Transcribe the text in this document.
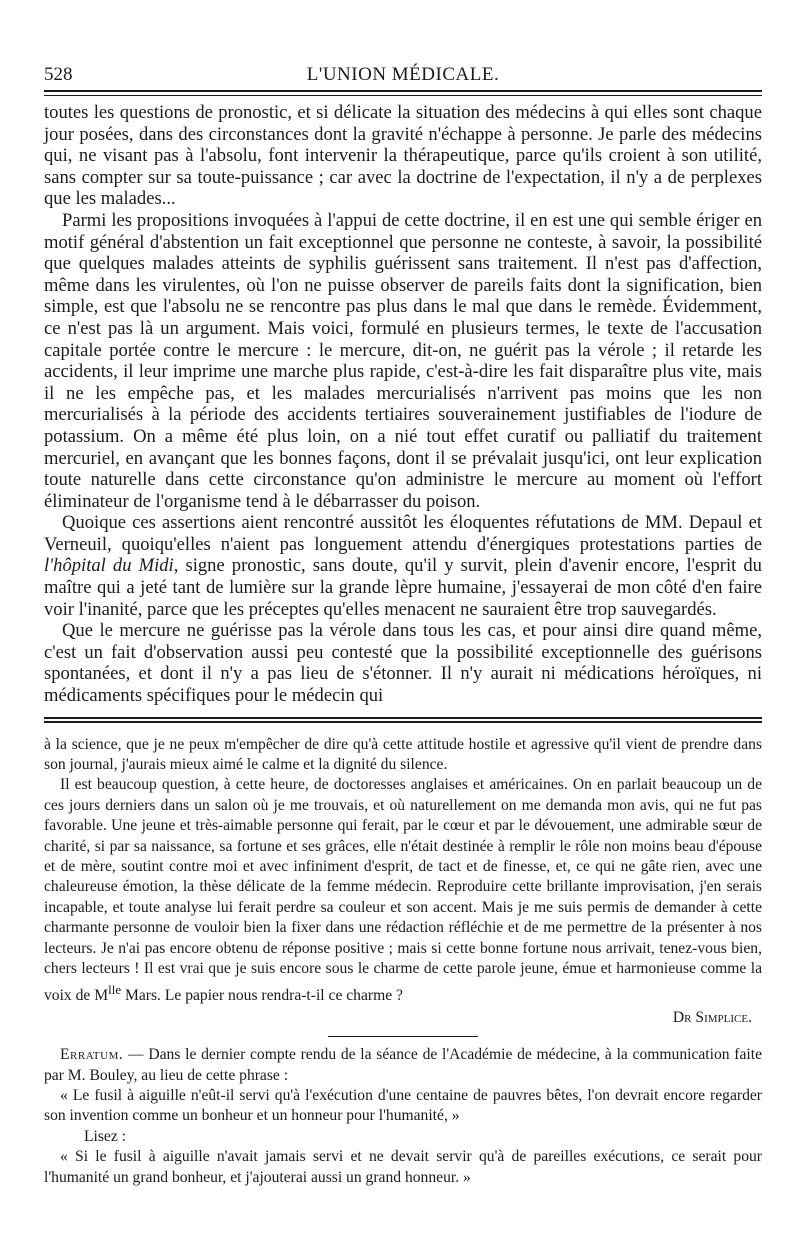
528	L'UNION MÉDICALE.

toutes les questions de pronostic, et si délicate la situation des médecins à qui elles sont chaque jour posées, dans des circonstances dont la gravité n'échappe à personne. Je parle des médecins qui, ne visant pas à l'absolu, font intervenir la thérapeutique, parce qu'ils croient à son utilité, sans compter sur sa toute-puissance ; car avec la doctrine de l'expectation, il n'y a de perplexes que les malades...

Parmi les propositions invoquées à l'appui de cette doctrine, il en est une qui semble ériger en motif général d'abstention un fait exceptionnel que personne ne conteste, à savoir, la possibilité que quelques malades atteints de syphilis guérissent sans traitement. Il n'est pas d'affection, même dans les virulentes, où l'on ne puisse observer de pareils faits dont la signification, bien simple, est que l'absolu ne se rencontre pas plus dans le mal que dans le remède. Évidemment, ce n'est pas là un argument. Mais voici, formulé en plusieurs termes, le texte de l'accusation capitale portée contre le mercure : le mercure, dit-on, ne guérit pas la vérole ; il retarde les accidents, il leur imprime une marche plus rapide, c'est-à-dire les fait disparaître plus vite, mais il ne les empêche pas, et les malades mercurialisés n'arrivent pas moins que les non mercurialisés à la période des accidents tertiaires souverainement justifiables de l'iodure de potassium. On a même été plus loin, on a nié tout effet curatif ou palliatif du traitement mercuriel, en avançant que les bonnes façons, dont il se prévalait jusqu'ici, ont leur explication toute naturelle dans cette circonstance qu'on administre le mercure au moment où l'effort éliminateur de l'organisme tend à le débarrasser du poison.

Quoique ces assertions aient rencontré aussitôt les éloquentes réfutations de MM. Depaul et Verneuil, quoiqu'elles n'aient pas longuement attendu d'énergiques protestations parties de l'hôpital du Midi, signe pronostic, sans doute, qu'il y survit, plein d'avenir encore, l'esprit du maître qui a jeté tant de lumière sur la grande lèpre humaine, j'essayerai de mon côté d'en faire voir l'inanité, parce que les préceptes qu'elles menacent ne sauraient être trop sauvegardés.

Que le mercure ne guérisse pas la vérole dans tous les cas, et pour ainsi dire quand même, c'est un fait d'observation aussi peu contesté que la possibilité exceptionnelle des guérisons spontanées, et dont il n'y a pas lieu de s'étonner. Il n'y aurait ni médications héroïques, ni médicaments spécifiques pour le médecin qui

à la science, que je ne peux m'empêcher de dire qu'à cette attitude hostile et agressive qu'il vient de prendre dans son journal, j'aurais mieux aimé le calme et la dignité du silence.

Il est beaucoup question, à cette heure, de doctoresses anglaises et américaines. On en parlait beaucoup un de ces jours derniers dans un salon où je me trouvais, et où naturellement on me demanda mon avis, qui ne fut pas favorable. Une jeune et très-aimable personne qui ferait, par le cœur et par le dévouement, une admirable sœur de charité, si par sa naissance, sa fortune et ses grâces, elle n'était destinée à remplir le rôle non moins beau d'épouse et de mère, soutint contre moi et avec infiniment d'esprit, de tact et de finesse, et, ce qui ne gâte rien, avec une chaleureuse émotion, la thèse délicate de la femme médecin. Reproduire cette brillante improvisation, j'en serais incapable, et toute analyse lui ferait perdre sa couleur et son accent. Mais je me suis permis de demander à cette charmante personne de vouloir bien la fixer dans une rédaction réfléchie et de me permettre de la présenter à nos lecteurs. Je n'ai pas encore obtenu de réponse positive ; mais si cette bonne fortune nous arrivait, tenez-vous bien, chers lecteurs ! Il est vrai que je suis encore sous le charme de cette parole jeune, émue et harmonieuse comme la voix de $M^{lle}$ Mars. Le papier nous rendra-t-il ce charme ?

Dr Simplice.

Erratum. — Dans le dernier compte rendu de la séance de l'Académie de médecine, à la communication faite par M. Bouley, au lieu de cette phrase :

« Le fusil à aiguille n'eût-il servi qu'à l'exécution d'une centaine de pauvres bêtes, l'on devrait encore regarder son invention comme un bonheur et un honneur pour l'humanité, »

Lisez :

« Si le fusil à aiguille n'avait jamais servi et ne devait servir qu'à de pareilles exécutions, ce serait pour l'humanité un grand bonheur, et j'ajouterai aussi un grand honneur. »
